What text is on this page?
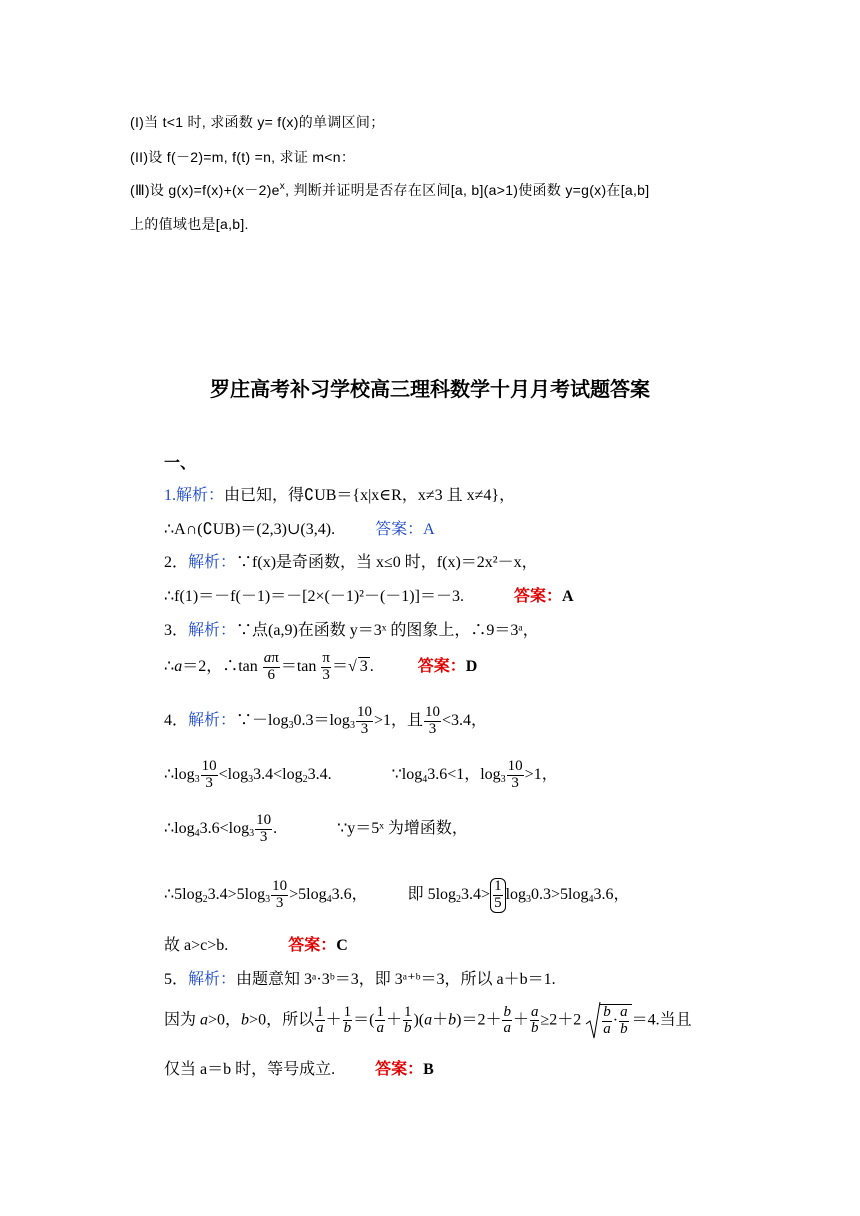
(I)当 t<1 时, 求函数 y= f(x)的单调区间；
(II)设 f(－2)=m, f(t) =n, 求证 m<n：
(Ⅲ)设 $g(x)=f(x)+(x-2)e^x$, 判断并证明是否存在区间[a, b](a>1)使函数 y=g(x)在[a,b]
上的值域也是[a,b].
罗庄高考补习学校高三理科数学十月月考试题答案
一、
1.解析：由已知，得∁UB＝{x|x∈R，x≠3 且 x≠4}，
∴A∩(∁UB)＝(2,3)∪(3,4).	答案：A
2．解析：∵f(x)是奇函数，当 x≤0 时，f(x)＝2x²－x，
∴f(1)＝－f(－1)＝－[2×(－1)²－(－1)]＝－3.	答案：A
3．解析：∵点(a,9)在函数 y＝3ˣ 的图象上，∴9＝3ᵃ，
∴a＝2，∴tan $\frac{a\pi}{6} =\tan \frac{\pi}{3}$ ＝√ 3 .	答案：D
4．解析：$\because-\log_30.3=\log_3 \frac{10}{3} >1$，且 $\frac{10}{3} <3.4$，
$\therefore\log_3 \frac{10}{3} <\log_33.4<\log_23.4$.	$\because\log_43.6<1$，$\log_3 \frac{10}{3} >1$，
$\therefore\log_43.6<\log_3 \frac{10}{3}$ .	∵y＝5ˣ 为增函数，
$\therefore 5\log_23.4>5\log_3 \frac{10}{3} >5\log_43.6$，	即 $5\log_23.4> \frac{1}{5} \log_30.3>5\log_43.6$，
故 a>c>b.	答案：C
5．解析：由题意知 3ᵃ·3ᵇ＝3，即 3ᵃ⁺ᵇ＝3，所以 a＋b＝1.
因为 a>0，b>0，所以 $\frac{1}{a} + \frac{1}{b}$ ＝( $\frac{1}{a} + \frac{1}{b} )(a+b)=2+ \frac{b}{a} + \frac{a}{b} \ge 2+2 \frac{b}{a} \cdot \frac{a}{b} =4$.当且
仅当 a＝b 时，等号成立.	答案：B
